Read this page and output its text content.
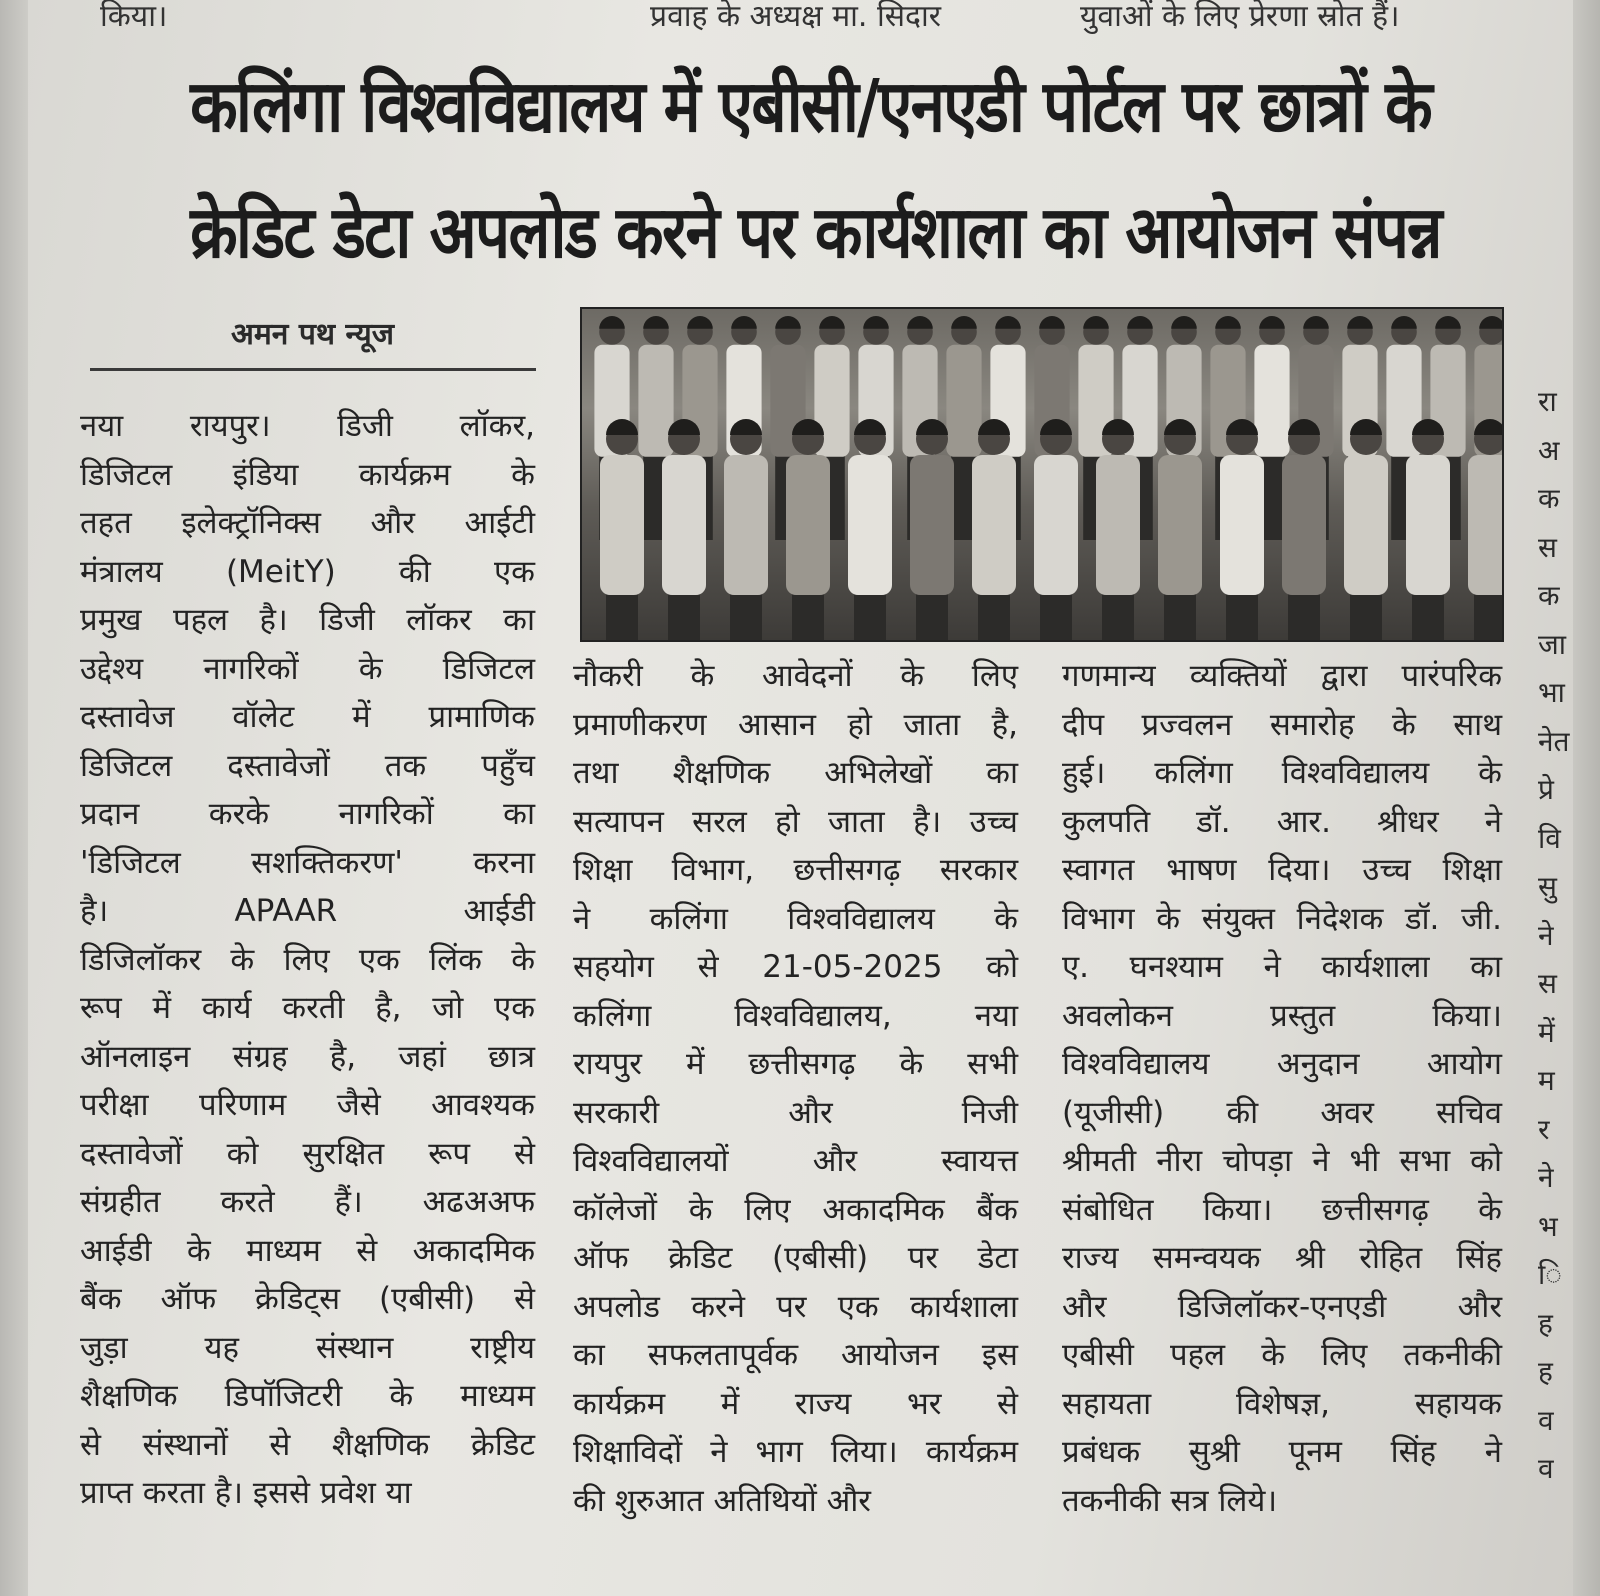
किया।	प्रवाह के अध्यक्ष मा. सिदार	युवाओं के लिए प्रेरणा स्रोत हैं।
कलिंगा विश्वविद्यालय में एबीसी/एनएडी पोर्टल पर छात्रों के
क्रेडिट डेटा अपलोड करने पर कार्यशाला का आयोजन संपन्न
अमन पथ न्यूज
नया रायपुर। डिजी लॉकर,
डिजिटल इंडिया कार्यक्रम के
तहत इलेक्ट्रॉनिक्स और आईटी
मंत्रालय (MeitY) की एक
प्रमुख पहल है। डिजी लॉकर का
उद्देश्य नागरिकों के डिजिटल
दस्तावेज वॉलेट में प्रामाणिक
डिजिटल दस्तावेजों तक पहुँच
प्रदान करके नागरिकों का
'डिजिटल सशक्तिकरण' करना
है। APAAR आईडी
डिजिलॉकर के लिए एक लिंक के
रूप में कार्य करती है, जो एक
ऑनलाइन संग्रह है, जहां छात्र
परीक्षा परिणाम जैसे आवश्यक
दस्तावेजों को सुरक्षित रूप से
संग्रहीत करते हैं। अढअअफ
आईडी के माध्यम से अकादमिक
बैंक ऑफ क्रेडिट्स (एबीसी) से
जुड़ा यह संस्थान राष्ट्रीय
शैक्षणिक डिपॉजिटरी के माध्यम
से संस्थानों से शैक्षणिक क्रेडिट
प्राप्त करता है। इससे प्रवेश या
नौकरी के आवेदनों के लिए
प्रमाणीकरण आसान हो जाता है,
तथा शैक्षणिक अभिलेखों का
सत्यापन सरल हो जाता है। उच्च
शिक्षा विभाग, छत्तीसगढ़ सरकार
ने कलिंगा विश्वविद्यालय के
सहयोग से 21-05-2025 को
कलिंगा विश्वविद्यालय, नया
रायपुर में छत्तीसगढ़ के सभी
सरकारी और निजी
विश्वविद्यालयों और स्वायत्त
कॉलेजों के लिए अकादमिक बैंक
ऑफ क्रेडिट (एबीसी) पर डेटा
अपलोड करने पर एक कार्यशाला
का सफलतापूर्वक आयोजन इस
कार्यक्रम में राज्य भर से
शिक्षाविदों ने भाग लिया। कार्यक्रम
की शुरुआत अतिथियों और
गणमान्य व्यक्तियों द्वारा पारंपरिक
दीप प्रज्वलन समारोह के साथ
हुई। कलिंगा विश्वविद्यालय के
कुलपति डॉ. आर. श्रीधर ने
स्वागत भाषण दिया। उच्च शिक्षा
विभाग के संयुक्त निदेशक डॉ. जी.
ए. घनश्याम ने कार्यशाला का
अवलोकन प्रस्तुत किया।
विश्वविद्यालय अनुदान आयोग
(यूजीसी) की अवर सचिव
श्रीमती नीरा चोपड़ा ने भी सभा को
संबोधित किया। छत्तीसगढ़ के
राज्य समन्वयक श्री रोहित सिंह
और डिजिलॉकर-एनएडी और
एबीसी पहल के लिए तकनीकी
सहायता विशेषज्ञ, सहायक
प्रबंधक सुश्री पूनम सिंह ने
तकनीकी सत्र लिये।
रा
अ
क
स
क
जा
भा
नेत
प्रे
वि
सु
ने
स
में
म
र
ने
भ
ि
ह
ह
व
व
